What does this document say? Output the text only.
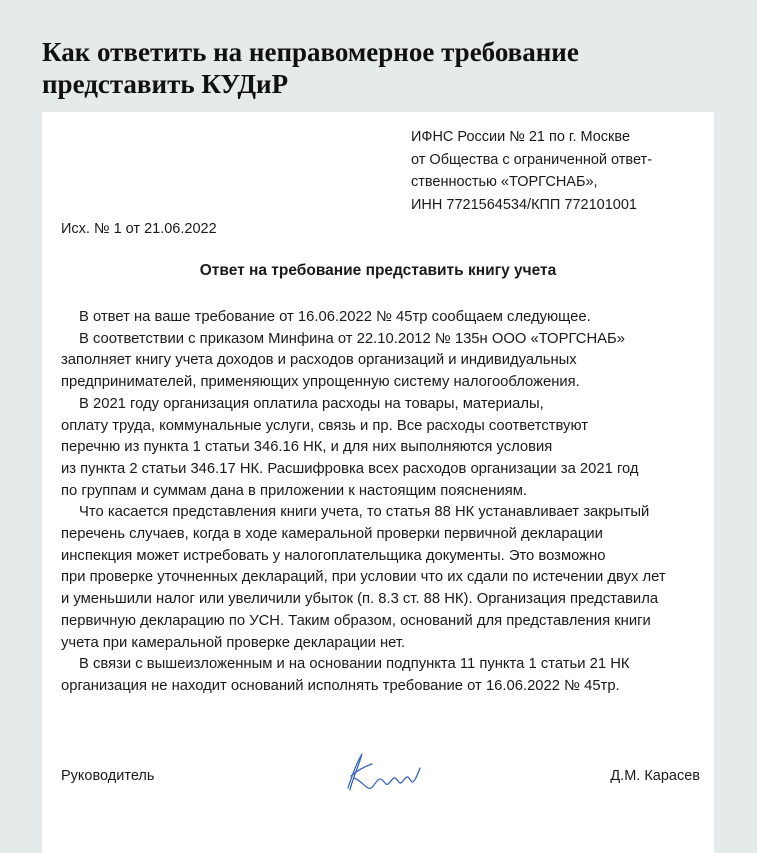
Как ответить на неправомерное требование
представить КУДиР
ИФНС России № 21 по г. Москве
от Общества с ограниченной ответ-
ственностью «ТОРГСНАБ»,
ИНН 7721564534/КПП 772101001
Исх. № 1 от 21.06.2022
Ответ на требование представить книгу учета
В ответ на ваше требование от 16.06.2022 № 45тр сообщаем следующее.
В соответствии с приказом Минфина от 22.10.2012 № 135н ООО «ТОРГСНАБ»
заполняет книгу учета доходов и расходов организаций и индивидуальных
предпринимателей, применяющих упрощенную систему налогообложения.
В 2021 году организация оплатила расходы на товары, материалы,
оплату труда, коммунальные услуги, связь и пр. Все расходы соответствуют
перечню из пункта 1 статьи 346.16 НК, и для них выполняются условия
из пункта 2 статьи 346.17 НК. Расшифровка всех расходов организации за 2021 год
по группам и суммам дана в приложении к настоящим пояснениям.
Что касается представления книги учета, то статья 88 НК устанавливает закрытый
перечень случаев, когда в ходе камеральной проверки первичной декларации
инспекция может истребовать у налогоплательщика документы. Это возможно
при проверке уточненных деклараций, при условии что их сдали по истечении двух лет
и уменьшили налог или увеличили убыток (п. 8.3 ст. 88 НК). Организация представила
первичную декларацию по УСН. Таким образом, оснований для представления книги
учета при камеральной проверке декларации нет.
В связи с вышеизложенным и на основании подпункта 11 пункта 1 статьи 21 НК
организация не находит оснований исполнять требование от 16.06.2022 № 45тр.
Руководитель	Д.М. Карасев
